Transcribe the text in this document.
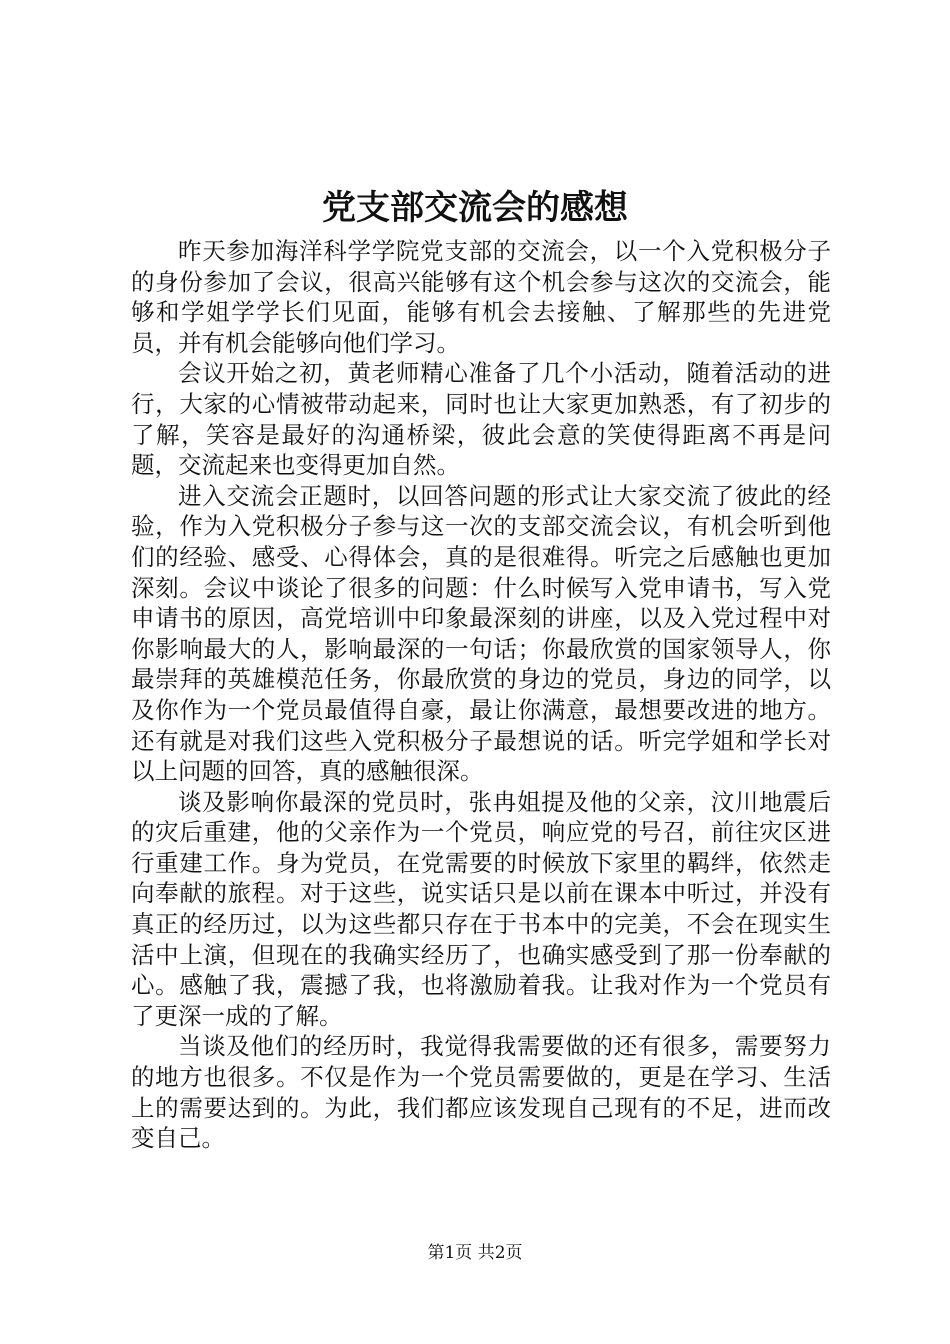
党支部交流会的感想

昨天参加海洋科学学院党支部的交流会，以一个入党积极分子的身份参加了会议，很高兴能够有这个机会参与这次的交流会，能够和学姐学学长们见面，能够有机会去接触、了解那些的先进党员，并有机会能够向他们学习。

会议开始之初，黄老师精心准备了几个小活动，随着活动的进行，大家的心情被带动起来，同时也让大家更加熟悉，有了初步的了解，笑容是最好的沟通桥梁，彼此会意的笑使得距离不再是问题，交流起来也变得更加自然。

进入交流会正题时，以回答问题的形式让大家交流了彼此的经验，作为入党积极分子参与这一次的支部交流会议，有机会听到他们的经验、感受、心得体会，真的是很难得。听完之后感触也更加深刻。会议中谈论了很多的问题：什么时候写入党申请书，写入党申请书的原因，高党培训中印象最深刻的讲座，以及入党过程中对你影响最大的人，影响最深的一句话；你最欣赏的国家领导人，你最崇拜的英雄模范任务，你最欣赏的身边的党员，身边的同学，以及你作为一个党员最值得自豪，最让你满意，最想要改进的地方。还有就是对我们这些入党积极分子最想说的话。听完学姐和学长对以上问题的回答，真的感触很深。

谈及影响你最深的党员时，张冉姐提及他的父亲，汶川地震后的灾后重建，他的父亲作为一个党员，响应党的号召，前往灾区进行重建工作。身为党员，在党需要的时候放下家里的羁绊，依然走向奉献的旅程。对于这些，说实话只是以前在课本中听过，并没有真正的经历过，以为这些都只存在于书本中的完美，不会在现实生活中上演，但现在的我确实经历了，也确实感受到了那一份奉献的心。感触了我，震撼了我，也将激励着我。让我对作为一个党员有了更深一成的了解。

当谈及他们的经历时，我觉得我需要做的还有很多，需要努力的地方也很多。不仅是作为一个党员需要做的，更是在学习、生活上的需要达到的。为此，我们都应该发现自己现有的不足，进而改变自己。

第1页 共2页
